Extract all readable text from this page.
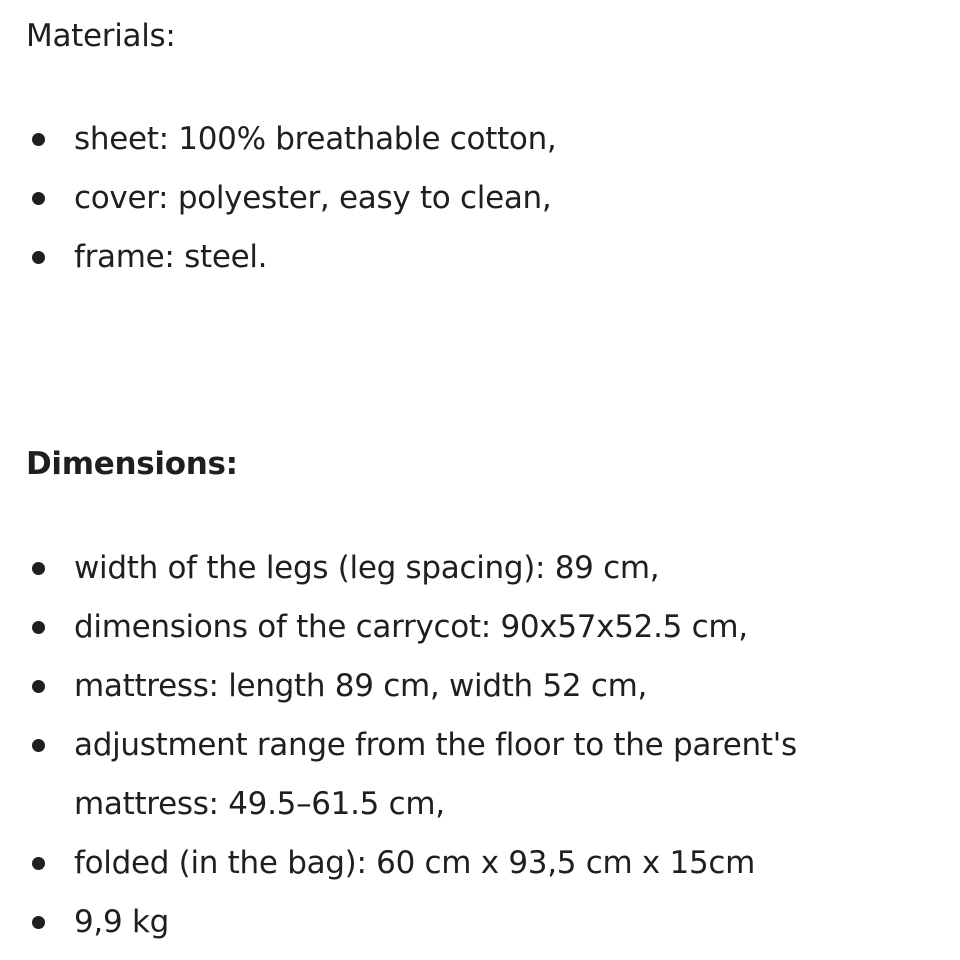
Materials:
sheet: 100% breathable cotton,
cover: polyester, easy to clean,
frame: steel.
Dimensions:
width of the legs (leg spacing): 89 cm,
dimensions of the carrycot: 90x57x52.5 cm,
mattress: length 89 cm, width 52 cm,
adjustment range from the floor to the parent's mattress: 49.5–61.5 cm,
folded (in the bag): 60 cm x 93,5 cm x 15cm
9,9 kg
